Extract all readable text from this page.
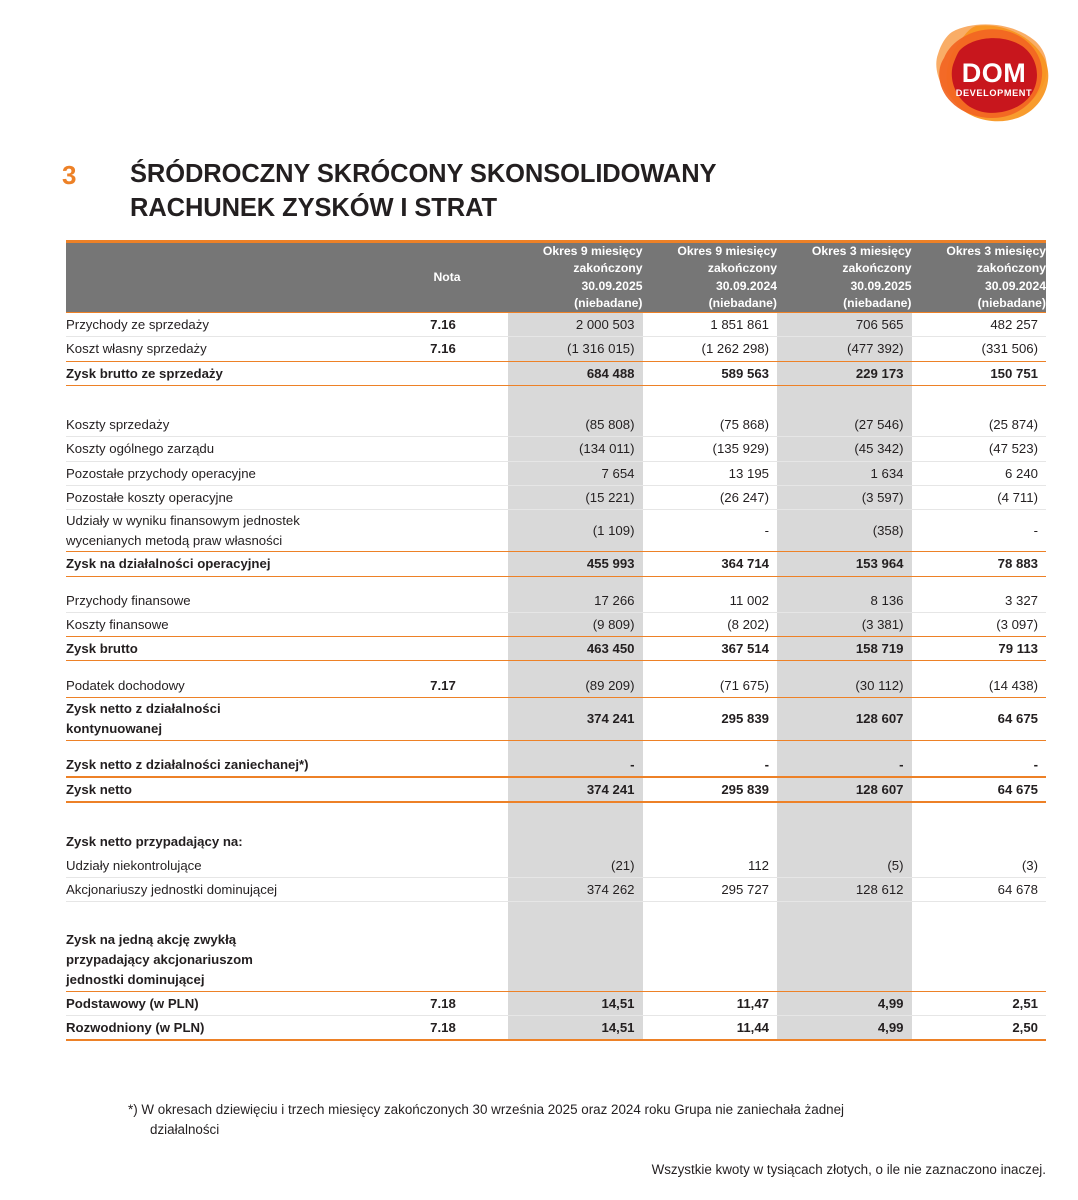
DOM
DEVELOPMENT
3	ŚRÓDROCZNY SKRÓCONY SKONSOLIDOWANY
RACHUNEK ZYSKÓW I STRAT
	Nota	Okres 9 miesięcy
zakończony
30.09.2025
(niebadane)	Okres 9 miesięcy
zakończony
30.09.2024
(niebadane)	Okres 3 miesięcy
zakończony
30.09.2025
(niebadane)	Okres 3 miesięcy
zakończony
30.09.2024
(niebadane)

Przychody ze sprzedaży	7.16	2 000 503	1 851 861	706 565	482 257
Koszt własny sprzedaży	7.16	(1 316 015)	(1 262 298)	(477 392)	(331 506)
Zysk brutto ze sprzedaży		684 488	589 563	229 173	150 751

Koszty sprzedaży		(85 808)	(75 868)	(27 546)	(25 874)
Koszty ogólnego zarządu		(134 011)	(135 929)	(45 342)	(47 523)
Pozostałe przychody operacyjne		7 654	13 195	1 634	6 240
Pozostałe koszty operacyjne		(15 221)	(26 247)	(3 597)	(4 711)
Udziały w wyniku finansowym jednostek
wycenianych metodą praw własności		(1 109)	-	(358)	-
Zysk na działalności operacyjnej		455 993	364 714	153 964	78 883

Przychody finansowe		17 266	11 002	8 136	3 327
Koszty finansowe		(9 809)	(8 202)	(3 381)	(3 097)
Zysk brutto		463 450	367 514	158 719	79 113

Podatek dochodowy	7.17	(89 209)	(71 675)	(30 112)	(14 438)
Zysk netto z działalności
kontynuowanej		374 241	295 839	128 607	64 675

Zysk netto z działalności zaniechanej*)		-	-	-	-
Zysk netto		374 241	295 839	128 607	64 675

Zysk netto przypadający na:					
Udziały niekontrolujące		(21)	112	(5)	(3)
Akcjonariuszy jednostki dominującej		374 262	295 727	128 612	64 678

Zysk na jedną akcję zwykłą
przypadający akcjonariuszom
jednostki dominującej					
Podstawowy (w PLN)	7.18	14,51	11,47	4,99	2,51
Rozwodniony (w PLN)	7.18	14,51	11,44	4,99	2,50
*) W okresach dziewięciu i trzech miesięcy zakończonych 30 września 2025 oraz 2024 roku Grupa nie zaniechała żadnej
działalności
Wszystkie kwoty w tysiącach złotych, o ile nie zaznaczono inaczej.
